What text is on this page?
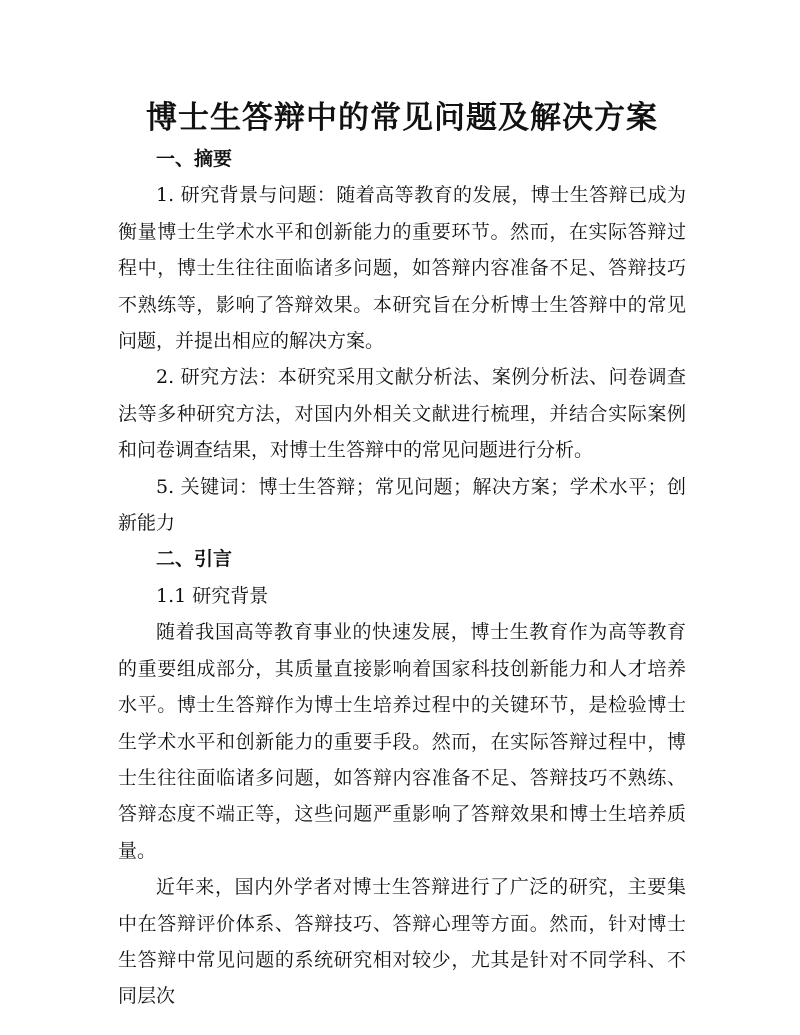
博士生答辩中的常见问题及解决方案

一、摘要

1. 研究背景与问题：随着高等教育的发展，博士生答辩已成为衡量博士生学术水平和创新能力的重要环节。然而，在实际答辩过程中，博士生往往面临诸多问题，如答辩内容准备不足、答辩技巧不熟练等，影响了答辩效果。本研究旨在分析博士生答辩中的常见问题，并提出相应的解决方案。

2. 研究方法：本研究采用文献分析法、案例分析法、问卷调查法等多种研究方法，对国内外相关文献进行梳理，并结合实际案例和问卷调查结果，对博士生答辩中的常见问题进行分析。

5. 关键词：博士生答辩；常见问题；解决方案；学术水平；创新能力

二、引言

1.1 研究背景

随着我国高等教育事业的快速发展，博士生教育作为高等教育的重要组成部分，其质量直接影响着国家科技创新能力和人才培养水平。博士生答辩作为博士生培养过程中的关键环节，是检验博士生学术水平和创新能力的重要手段。然而，在实际答辩过程中，博士生往往面临诸多问题，如答辩内容准备不足、答辩技巧不熟练、答辩态度不端正等，这些问题严重影响了答辩效果和博士生培养质量。

近年来，国内外学者对博士生答辩进行了广泛的研究，主要集中在答辩评价体系、答辩技巧、答辩心理等方面。然而，针对博士生答辩中常见问题的系统研究相对较少，尤其是针对不同学科、不同层次
